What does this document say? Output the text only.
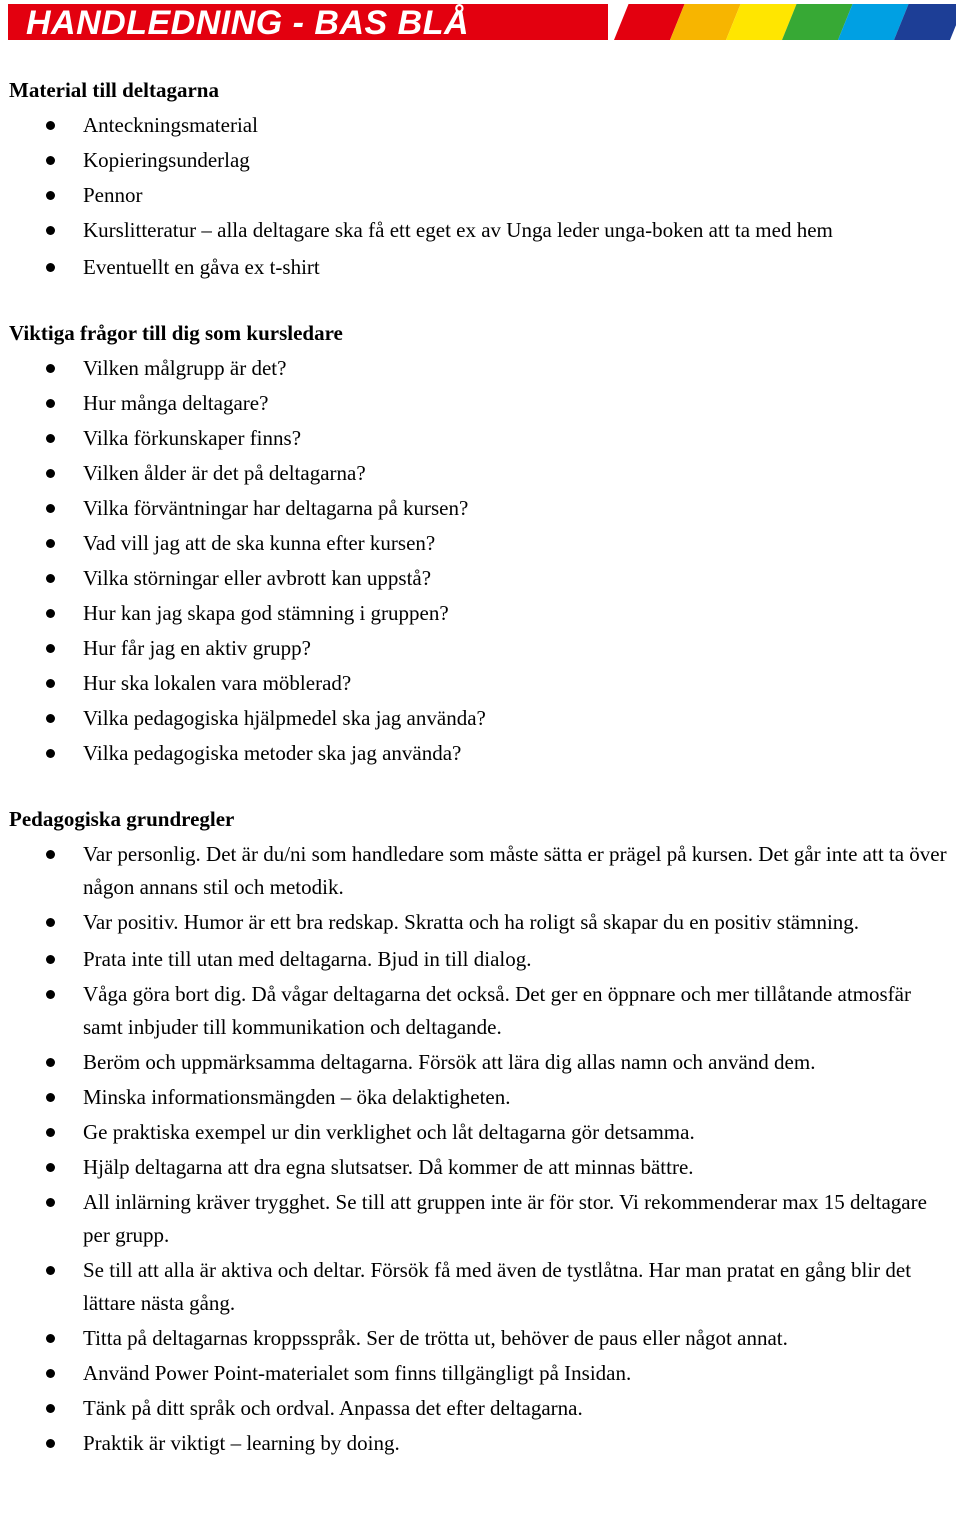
HANDLEDNING - BAS BLÅ
Material till deltagarna
Anteckningsmaterial
Kopieringsunderlag
Pennor
Kurslitteratur – alla deltagare ska få ett eget ex av Unga leder unga-boken att ta med hem
Eventuellt en gåva ex t-shirt
Viktiga frågor till dig som kursledare
Vilken målgrupp är det?
Hur många deltagare?
Vilka förkunskaper finns?
Vilken ålder är det på deltagarna?
Vilka förväntningar har deltagarna på kursen?
Vad vill jag att de ska kunna efter kursen?
Vilka störningar eller avbrott kan uppstå?
Hur kan jag skapa god stämning i gruppen?
Hur får jag en aktiv grupp?
Hur ska lokalen vara möblerad?
Vilka pedagogiska hjälpmedel ska jag använda?
Vilka pedagogiska metoder ska jag använda?
Pedagogiska grundregler
Var personlig. Det är du/ni som handledare som måste sätta er prägel på kursen. Det går inte att ta över någon annans stil och metodik.
Var positiv. Humor är ett bra redskap. Skratta och ha roligt så skapar du en positiv stämning.
Prata inte till utan med deltagarna. Bjud in till dialog.
Våga göra bort dig. Då vågar deltagarna det också. Det ger en öppnare och mer tillåtande atmosfär samt inbjuder till kommunikation och deltagande.
Beröm och uppmärksamma deltagarna. Försök att lära dig allas namn och använd dem.
Minska informationsmängden – öka delaktigheten.
Ge praktiska exempel ur din verklighet och låt deltagarna gör detsamma.
Hjälp deltagarna att dra egna slutsatser. Då kommer de att minnas bättre.
All inlärning kräver trygghet. Se till att gruppen inte är för stor. Vi rekommenderar max 15 deltagare per grupp.
Se till att alla är aktiva och deltar. Försök få med även de tystlåtna. Har man pratat en gång blir det lättare nästa gång.
Titta på deltagarnas kroppsspråk. Ser de trötta ut, behöver de paus eller något annat.
Använd Power Point-materialet som finns tillgängligt på Insidan.
Tänk på ditt språk och ordval. Anpassa det efter deltagarna.
Praktik är viktigt – learning by doing.
